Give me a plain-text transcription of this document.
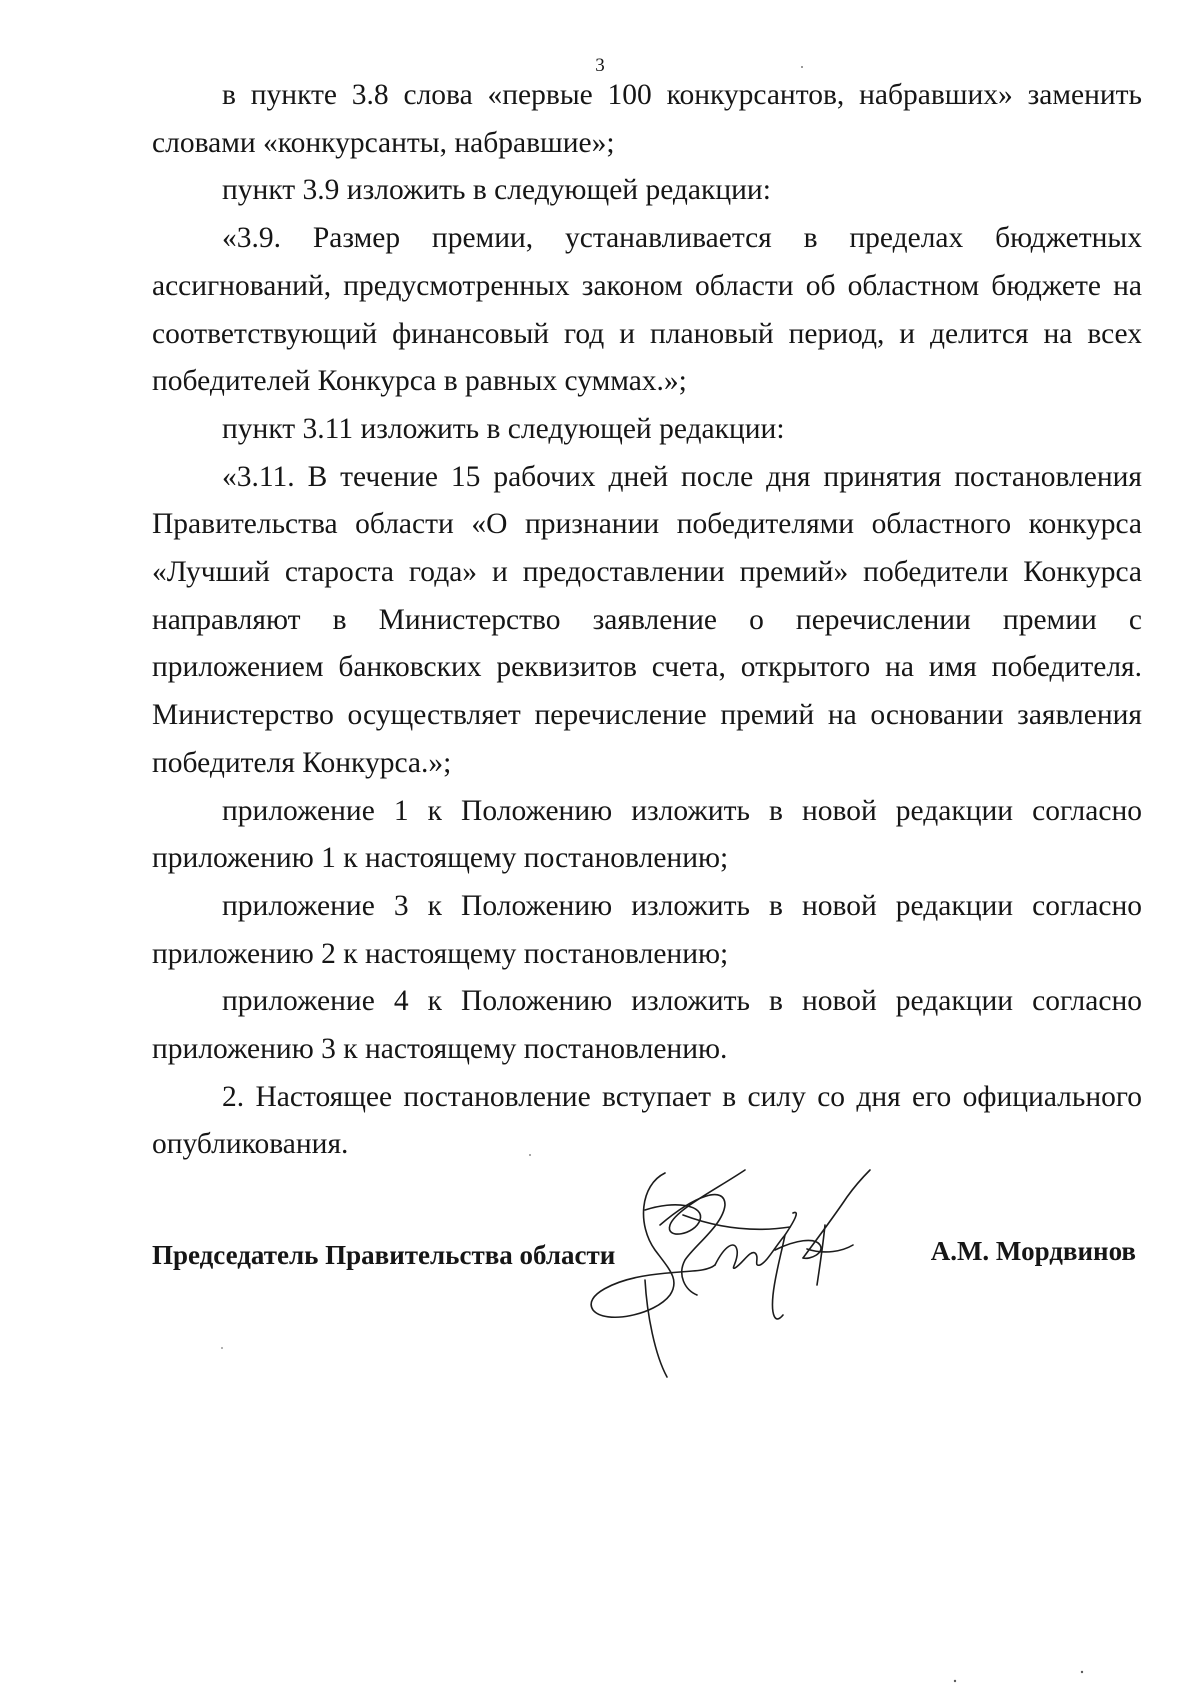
3

в пункте 3.8 слова «первые 100 конкурсантов, набравших» заменить словами «конкурсанты, набравшие»;

пункт 3.9 изложить в следующей редакции:

«3.9. Размер премии, устанавливается в пределах бюджетных ассигнований, предусмотренных законом области об областном бюджете на соответствующий финансовый год и плановый период, и делится на всех победителей Конкурса в равных суммах.»;

пункт 3.11 изложить в следующей редакции:

«3.11. В течение 15 рабочих дней после дня принятия постановления Правительства области «О признании победителями областного конкурса «Лучший староста года» и предоставлении премий» победители Конкурса направляют в Министерство заявление о перечислении премии с приложением банковских реквизитов счета, открытого на имя победителя. Министерство осуществляет перечисление премий на основании заявления победителя Конкурса.»;

приложение 1 к Положению изложить в новой редакции согласно приложению 1 к настоящему постановлению;

приложение 3 к Положению изложить в новой редакции согласно приложению 2 к настоящему постановлению;

приложение 4 к Положению изложить в новой редакции согласно приложению 3 к настоящему постановлению.

2. Настоящее постановление вступает в силу со дня его официального опубликования.

Председатель Правительства области	А.М. Мордвинов
